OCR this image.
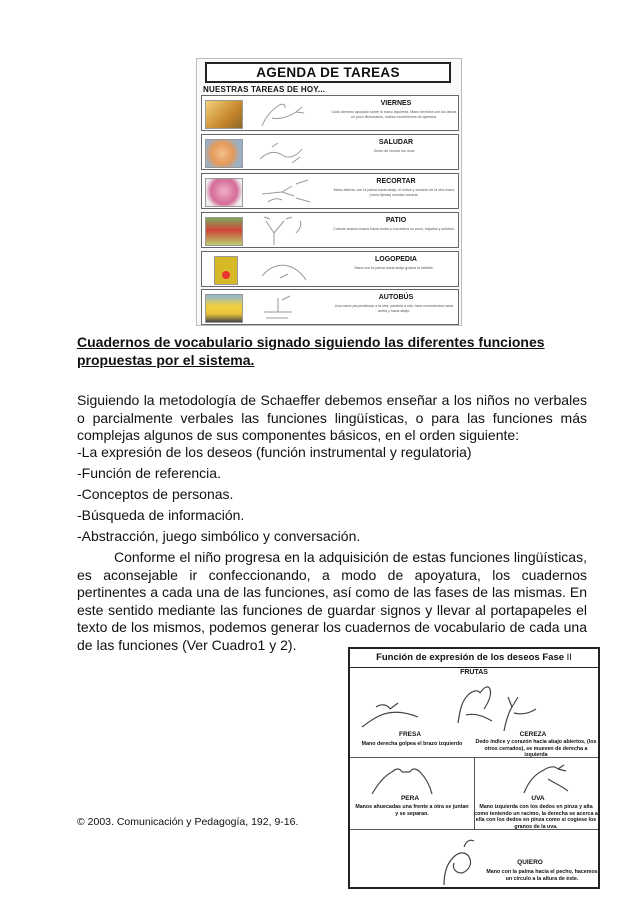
AGENDA DE TAREAS
NUESTRAS TAREAS DE HOY...
VIERNES
Codo derecho apoyado sobre la mano izquierda. Mano derecha con los dedos un poco flexionados, realiza movimientos de apertura.
SALUDAR
Gesto de chocar los unos
RECORTAR
Mano abierta, con la palma hacia abajo, el índice y corazón de la otra mano (como tijeras) simulan cortarla.
PATIO
Colocar ambos brazos hacia arriba y encuestos un poco, bajarlos y subirlos.
LOGOPEDIA
Mano con la palma hacia abajo golpea la barbilla.
AUTOBÚS
Una mano perpendicular a la otra, paralela a ella, hace movimientos hacia arriba y hacia abajo.

Cuadernos de vocabulario signado siguiendo las diferentes funciones propuestas por el sistema.

Siguiendo la metodología de Schaeffer debemos enseñar a los niños no verbales o parcialmente verbales las funciones lingüísticas, o para las funciones más complejas algunos de sus componentes básicos, en el orden siguiente:

-La expresión de los deseos (función instrumental y regulatoria)

-Función de referencia.

-Conceptos de personas.

-Búsqueda de información.

-Abstracción, juego simbólico y conversación.

Conforme el niño progresa en la adquisición de estas funciones lingüísticas, es aconsejable ir confeccionando, a modo de apoyatura, los cuadernos pertinentes a cada una de las funciones, así como de las fases de las mismas. En este sentido mediante las funciones de guardar signos y llevar al portapapeles el texto de los mismos, podemos generar los cuadernos de vocabulario de cada una de las funciones (Ver Cuadro1 y 2).

© 2003. Comunicación y Pedagogía, 192, 9-16.

Función de expresión de los deseos Fase II
FRUTAS
FRESA
Mano derecha golpea el brazo izquierdo
CEREZA
Dedo índice y corazón hacia abajo abiertos, (los otros cerrados), se mueven de derecha a izquierda
PERA
Manos ahuecadas una frente a otra se juntan y se separan.
UVA
Mano izquierda con los dedos en pinza y alta como teniendo un racimo, la derecha se acerca a ella con los dedos en pinza como si cogiese los granos de la uva.
QUIERO
Mano con la palma hacia el pecho, hacemos un círculo a la altura de éste.
